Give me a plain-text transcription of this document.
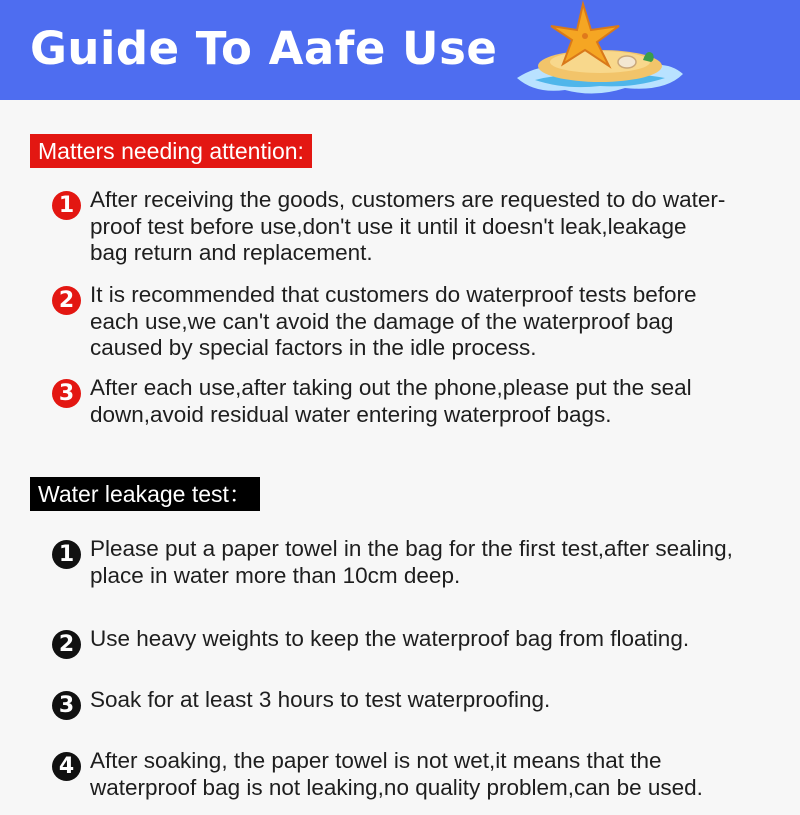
Guide To Aafe Use
Matters needing attention:
1 After receiving the goods, customers are requested to do water-
proof test before use,don't use it until it doesn't leak,leakage
bag return and replacement.
2 It is recommended that customers do waterproof tests before
each use,we can't avoid the damage of the waterproof bag
caused by special factors in the idle process.
3 After each use,after taking out the phone,please put the seal
down,avoid residual water entering waterproof bags.
Water leakage test：
1 Please put a paper towel in the bag for the first test,after sealing,
place in water more than 10cm deep.
2 Use heavy weights to keep the waterproof bag from floating.
3 Soak for at least 3 hours to test waterproofing.
4 After soaking, the paper towel is not wet,it means that the
waterproof bag is not leaking,no quality problem,can be used.
